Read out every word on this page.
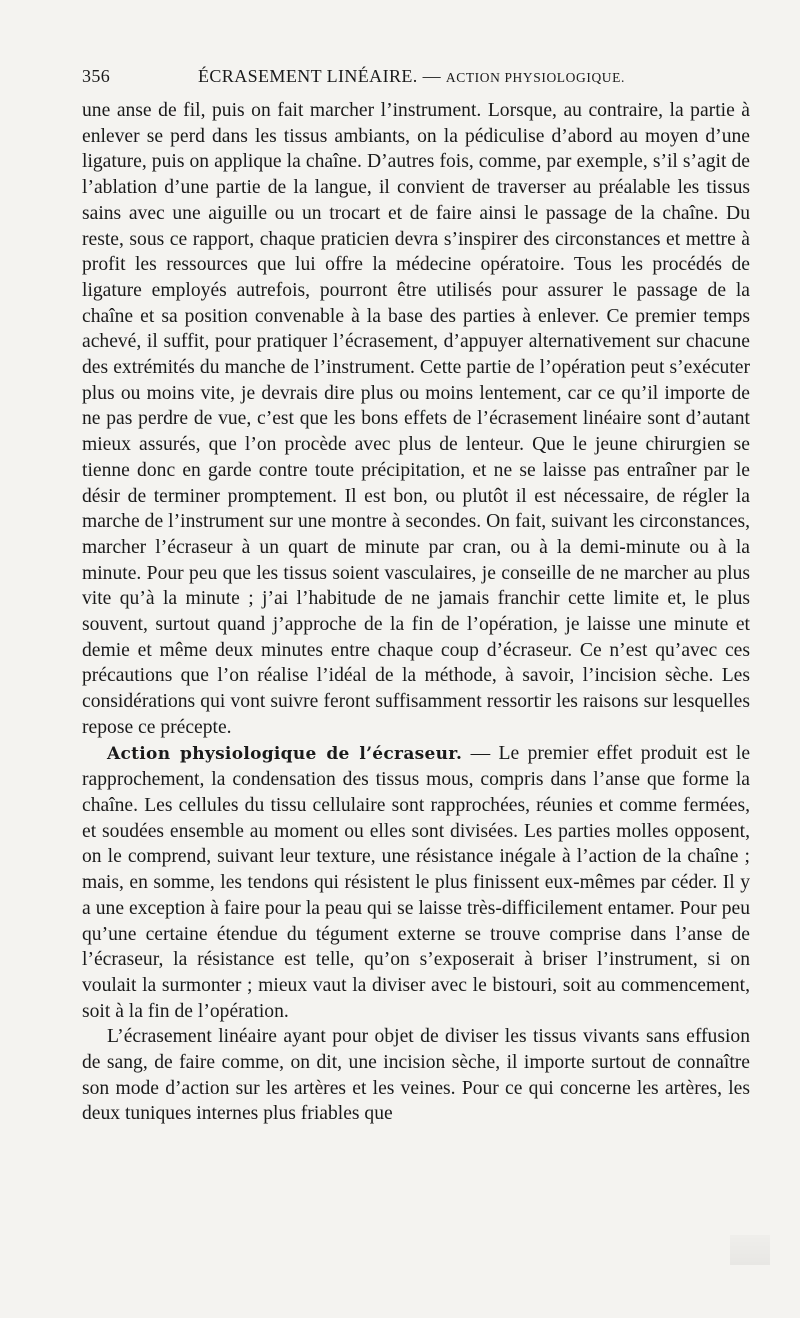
356	ÉCRASEMENT LINÉAIRE. — ACTION PHYSIOLOGIQUE.

une anse de fil, puis on fait marcher l’instrument. Lorsque, au contraire, la partie à enlever se perd dans les tissus ambiants, on la pédiculise d’abord au moyen d’une ligature, puis on applique la chaîne. D’autres fois, comme, par exemple, s’il s’agit de l’ablation d’une partie de la langue, il convient de traverser au préalable les tissus sains avec une aiguille ou un trocart et de faire ainsi le passage de la chaîne. Du reste, sous ce rapport, chaque praticien devra s’inspirer des circonstances et mettre à profit les ressources que lui offre la médecine opératoire. Tous les procédés de ligature employés autrefois, pourront être utilisés pour assurer le passage de la chaîne et sa position convenable à la base des parties à enlever. Ce premier temps achevé, il suffit, pour pratiquer l’écrasement, d’appuyer alternativement sur chacune des extrémités du manche de l’instrument. Cette partie de l’opération peut s’exécuter plus ou moins vite, je devrais dire plus ou moins lentement, car ce qu’il importe de ne pas perdre de vue, c’est que les bons effets de l’écrasement linéaire sont d’autant mieux assurés, que l’on procède avec plus de lenteur. Que le jeune chirurgien se tienne donc en garde contre toute précipitation, et ne se laisse pas entraîner par le désir de terminer promptement. Il est bon, ou plutôt il est nécessaire, de régler la marche de l’instrument sur une montre à secondes. On fait, suivant les circonstances, marcher l’écraseur à un quart de minute par cran, ou à la demi-minute ou à la minute. Pour peu que les tissus soient vasculaires, je conseille de ne marcher au plus vite qu’à la minute ; j’ai l’habitude de ne jamais franchir cette limite et, le plus souvent, surtout quand j’approche de la fin de l’opération, je laisse une minute et demie et même deux minutes entre chaque coup d’écraseur. Ce n’est qu’avec ces précautions que l’on réalise l’idéal de la méthode, à savoir, l’incision sèche. Les considérations qui vont suivre feront suffisamment ressortir les raisons sur lesquelles repose ce précepte.

Action physiologique de l’écraseur. — Le premier effet produit est le rapprochement, la condensation des tissus mous, compris dans l’anse que forme la chaîne. Les cellules du tissu cellulaire sont rapprochées, réunies et comme fermées, et soudées ensemble au moment ou elles sont divisées. Les parties molles opposent, on le comprend, suivant leur texture, une résistance inégale à l’action de la chaîne ; mais, en somme, les tendons qui résistent le plus finissent eux-mêmes par céder. Il y a une exception à faire pour la peau qui se laisse très-difficilement entamer. Pour peu qu’une certaine étendue du tégument externe se trouve comprise dans l’anse de l’écraseur, la résistance est telle, qu’on s’exposerait à briser l’instrument, si on voulait la surmonter ; mieux vaut la diviser avec le bistouri, soit au commencement, soit à la fin de l’opération.

L’écrasement linéaire ayant pour objet de diviser les tissus vivants sans effusion de sang, de faire comme, on dit, une incision sèche, il importe surtout de connaître son mode d’action sur les artères et les veines. Pour ce qui concerne les artères, les deux tuniques internes plus friables que
